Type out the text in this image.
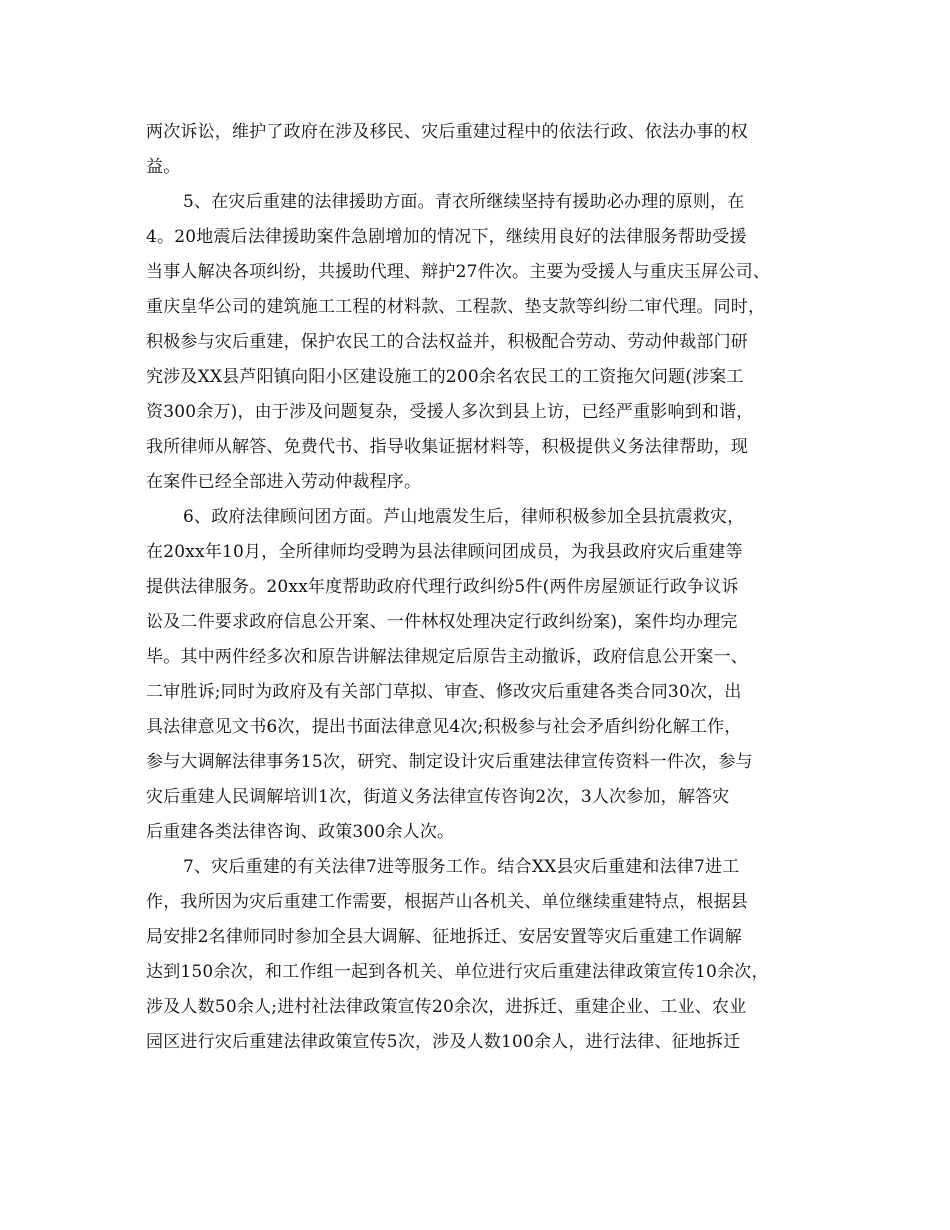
两次诉讼，维护了政府在涉及移民、灾后重建过程中的依法行政、依法办事的权
益。
5、在灾后重建的法律援助方面。青衣所继续坚持有援助必办理的原则，在
4。20地震后法律援助案件急剧增加的情况下，继续用良好的法律服务帮助受援
当事人解决各项纠纷，共援助代理、辩护27件次。主要为受援人与重庆玉屏公司、
重庆皇华公司的建筑施工工程的材料款、工程款、垫支款等纠纷二审代理。同时，
积极参与灾后重建，保护农民工的合法权益并，积极配合劳动、劳动仲裁部门研
究涉及XX县芦阳镇向阳小区建设施工的200余名农民工的工资拖欠问题(涉案工
资300余万)，由于涉及问题复杂，受援人多次到县上访，已经严重影响到和谐，
我所律师从解答、免费代书、指导收集证据材料等，积极提供义务法律帮助，现
在案件已经全部进入劳动仲裁程序。
6、政府法律顾问团方面。芦山地震发生后，律师积极参加全县抗震救灾，
在20xx年10月，全所律师均受聘为县法律顾问团成员，为我县政府灾后重建等
提供法律服务。20xx年度帮助政府代理行政纠纷5件(两件房屋颁证行政争议诉
讼及二件要求政府信息公开案、一件林权处理决定行政纠纷案)，案件均办理完
毕。其中两件经多次和原告讲解法律规定后原告主动撤诉，政府信息公开案一、
二审胜诉;同时为政府及有关部门草拟、审查、修改灾后重建各类合同30次，出
具法律意见文书6次，提出书面法律意见4次;积极参与社会矛盾纠纷化解工作，
参与大调解法律事务15次，研究、制定设计灾后重建法律宣传资料一件次，参与
灾后重建人民调解培训1次，街道义务法律宣传咨询2次，3人次参加，解答灾
后重建各类法律咨询、政策300余人次。
7、灾后重建的有关法律7进等服务工作。结合XX县灾后重建和法律7进工
作，我所因为灾后重建工作需要，根据芦山各机关、单位继续重建特点，根据县
局安排2名律师同时参加全县大调解、征地拆迁、安居安置等灾后重建工作调解
达到150余次，和工作组一起到各机关、单位进行灾后重建法律政策宣传10余次，
涉及人数50余人;进村社法律政策宣传20余次，进拆迁、重建企业、工业、农业
园区进行灾后重建法律政策宣传5次，涉及人数100余人，进行法律、征地拆迁
